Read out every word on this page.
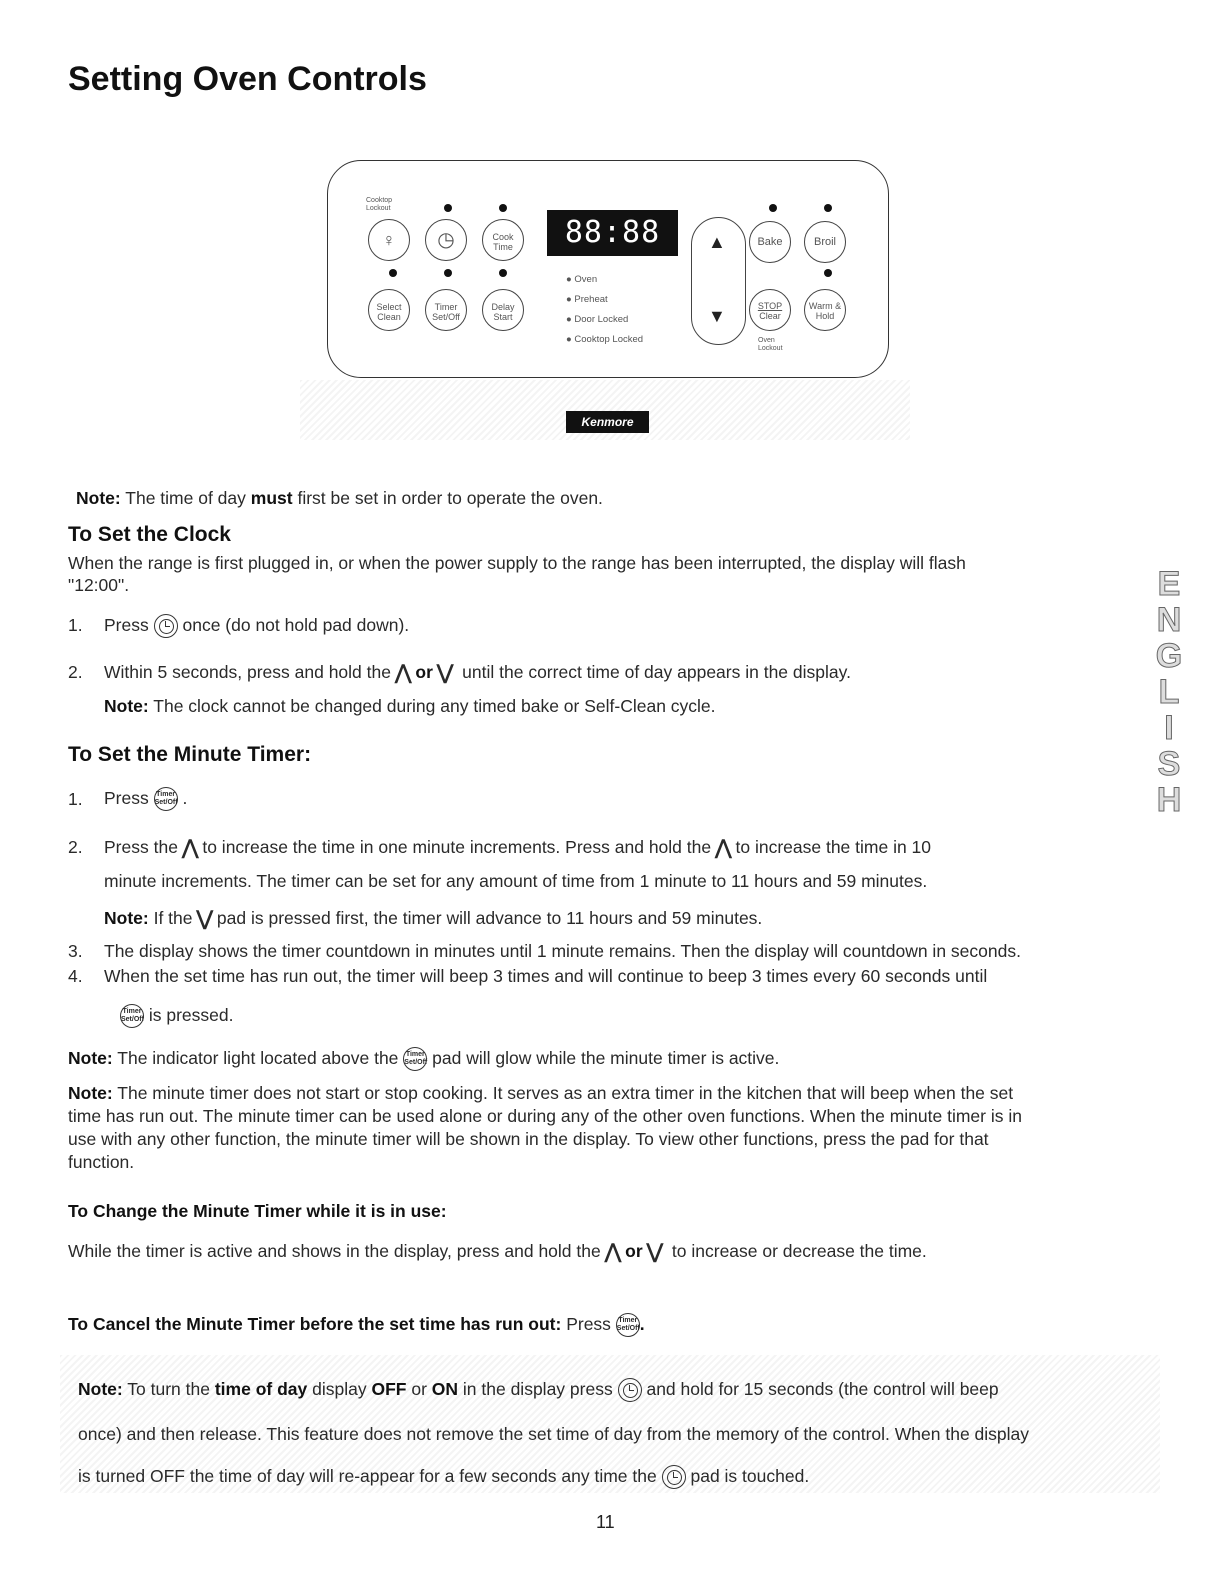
Setting Oven Controls
Cooktop Lockout
♀	◷	Cook
Time	88:88
Select
Clean
Timer
Set/Off
Delay
Start
● Oven
● Preheat
● Door Locked
● Cooktop Locked
▲
▼
Bake	Broil
STOP
Clear
Warm &
Hold
Oven Lockout
Kenmore
Note: The time of day must first be set in order to operate the oven.
To Set the Clock
When the range is first plugged in, or when the power supply to the range has been interrupted, the display will flash
"12:00".
1. Press once (do not hold pad down).
2. Within 5 seconds, press and hold the ⋀ or ⋁ until the correct time of day appears in the display.
Note: The clock cannot be changed during any timed bake or Self-Clean cycle.
To Set the Minute Timer:
1. Press Timer
Set/Off .
2. Press the ⋀ to increase the time in one minute increments. Press and hold the ⋀ to increase the time in 10
minute increments. The timer can be set for any amount of time from 1 minute to 11 hours and 59 minutes.
Note: If the ⋁ pad is pressed first, the timer will advance to 11 hours and 59 minutes.
3. The display shows the timer countdown in minutes until 1 minute remains. Then the display will countdown in seconds.
4. When the set time has run out, the timer will beep 3 times and will continue to beep 3 times every 60 seconds until
Timer
Set/Off is pressed.
Note: The indicator light located above the Timer
Set/Off pad will glow while the minute timer is active.
Note: The minute timer does not start or stop cooking. It serves as an extra timer in the kitchen that will beep when the set
time has run out. The minute timer can be used alone or during any of the other oven functions. When the minute timer is in
use with any other function, the minute timer will be shown in the display. To view other functions, press the pad for that
function.
To Change the Minute Timer while it is in use:
While the timer is active and shows in the display, press and hold the ⋀ or ⋁ to increase or decrease the time.
To Cancel the Minute Timer before the set time has run out: Press Timer
Set/Off.
Note: To turn the time of day display OFF or ON in the display press and hold for 15 seconds (the control will beep
once) and then release. This feature does not remove the set time of day from the memory of the control. When the display
is turned OFF the time of day will re-appear for a few seconds any time the pad is touched.
E
N
G
L
I
S
H
11
